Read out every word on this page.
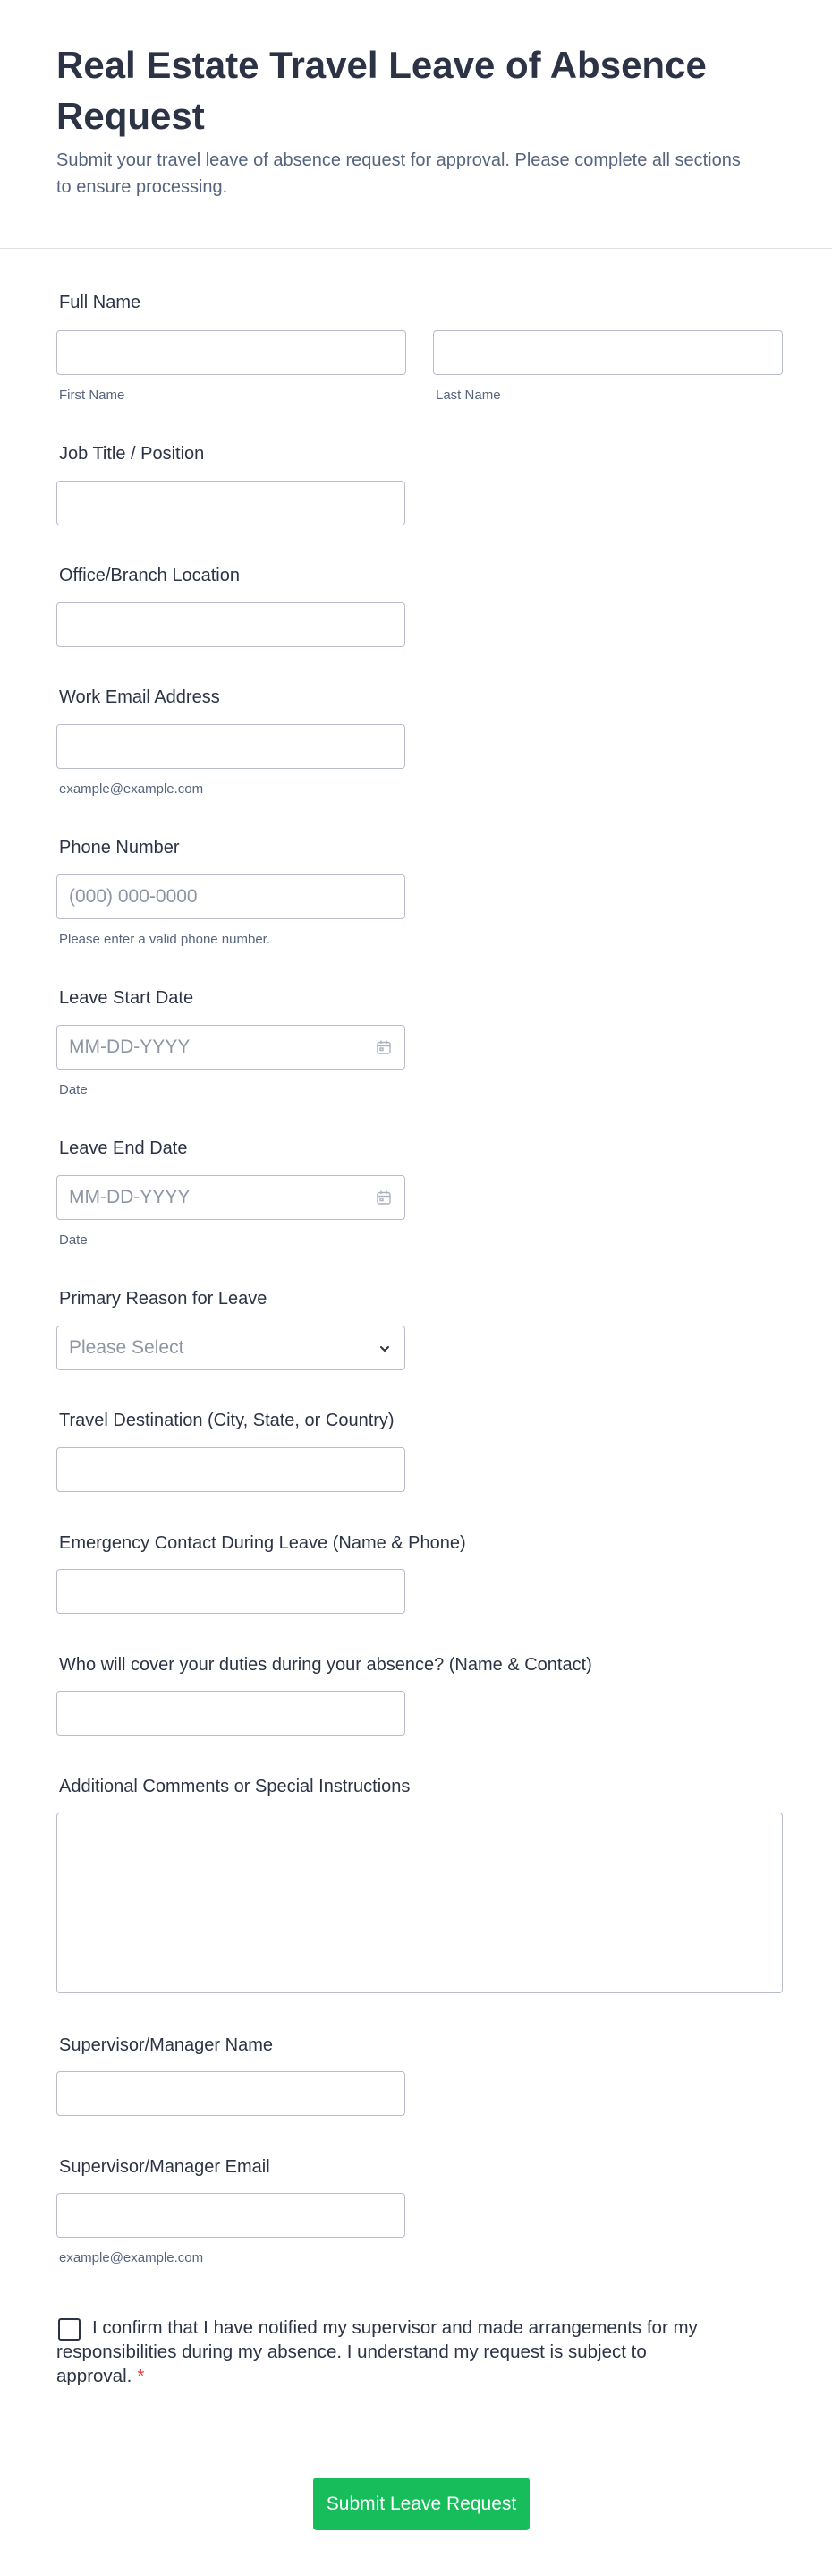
Real Estate Travel Leave of Absence Request

Submit your travel leave of absence request for approval. Please complete all sections to ensure processing.

Full Name
First Name	Last Name
Job Title / Position
Office/Branch Location
Work Email Address
example@example.com
Phone Number
(000) 000-0000
Please enter a valid phone number.
Leave Start Date
MM-DD-YYYY
Date
Leave End Date
MM-DD-YYYY
Date
Primary Reason for Leave
Please Select
Travel Destination (City, State, or Country)
Emergency Contact During Leave (Name & Phone)
Who will cover your duties during your absence? (Name & Contact)
Additional Comments or Special Instructions
Supervisor/Manager Name
Supervisor/Manager Email
example@example.com

I confirm that I have notified my supervisor and made arrangements for my responsibilities during my absence. I understand my request is subject to approval. *

Submit Leave Request
